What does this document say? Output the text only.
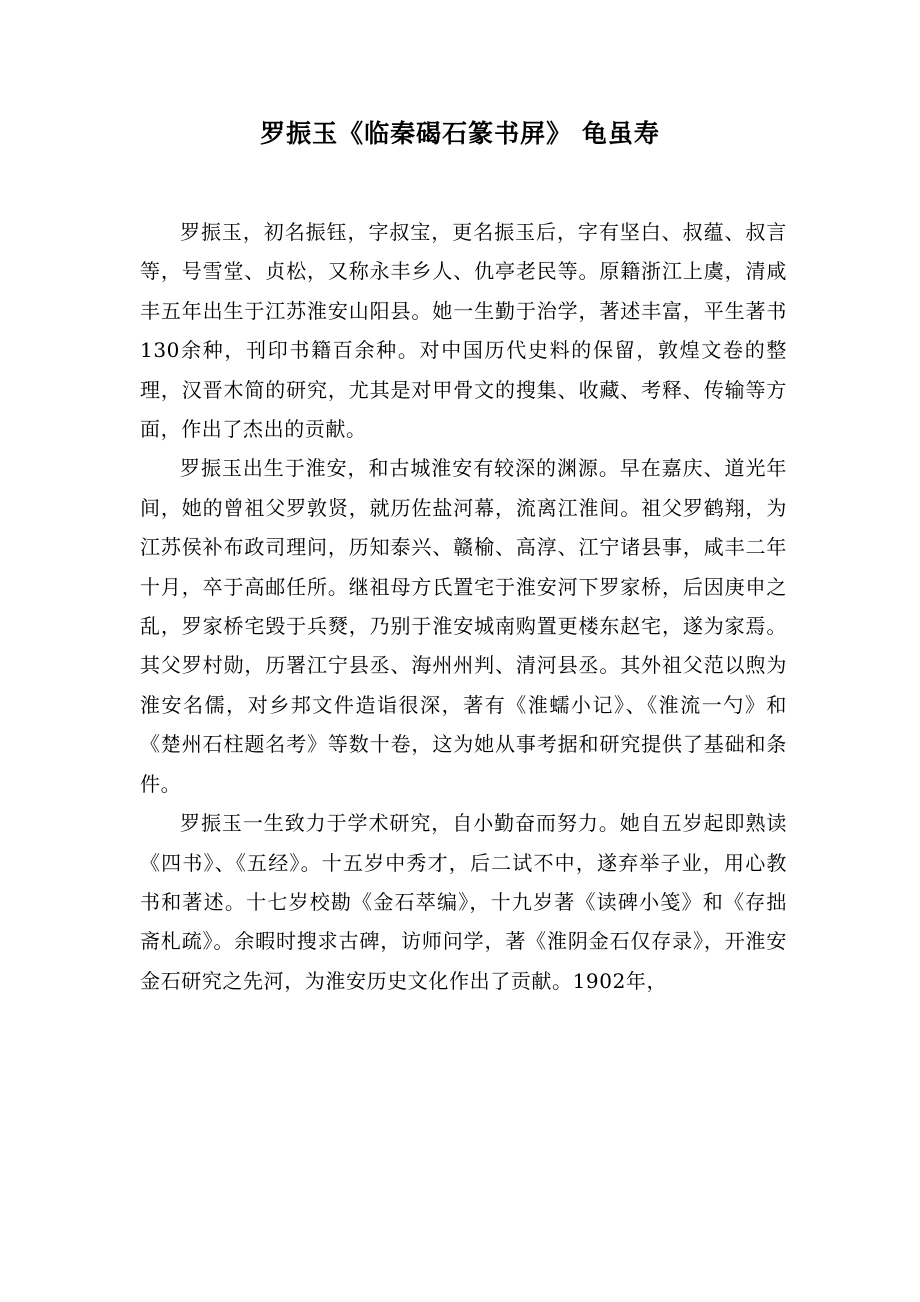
罗振玉《临秦碣石篆书屏》 龟虽寿

罗振玉，初名振钰，字叔宝，更名振玉后，字有坚白、叔蕴、叔言等，号雪堂、贞松，又称永丰乡人、仇亭老民等。原籍浙江上虞，清咸丰五年出生于江苏淮安山阳县。她一生勤于治学，著述丰富，平生著书130余种，刊印书籍百余种。对中国历代史料的保留，敦煌文卷的整理，汉晋木简的研究，尤其是对甲骨文的搜集、收藏、考释、传输等方面，作出了杰出的贡献。

罗振玉出生于淮安，和古城淮安有较深的渊源。早在嘉庆、道光年间，她的曾祖父罗敦贤，就历佐盐河幕，流离江淮间。祖父罗鹤翔，为江苏侯补布政司理问，历知泰兴、赣榆、高淳、江宁诸县事，咸丰二年十月，卒于高邮任所。继祖母方氏置宅于淮安河下罗家桥，后因庚申之乱，罗家桥宅毁于兵燹，乃别于淮安城南购置更楼东赵宅，遂为家焉。其父罗村勋，历署江宁县丞、海州州判、清河县丞。其外祖父范以煦为淮安名儒，对乡邦文件造诣很深，著有《淮蠕小记》、《淮流一勺》和《楚州石柱题名考》等数十卷，这为她从事考据和研究提供了基础和条件。

罗振玉一生致力于学术研究，自小勤奋而努力。她自五岁起即熟读《四书》、《五经》。十五岁中秀才，后二试不中，遂弃举子业，用心教书和著述。十七岁校勘《金石萃编》，十九岁著《读碑小笺》和《存拙斋札疏》。余暇时搜求古碑，访师问学，著《淮阴金石仅存录》，开淮安金石研究之先河，为淮安历史文化作出了贡献。1902年，
